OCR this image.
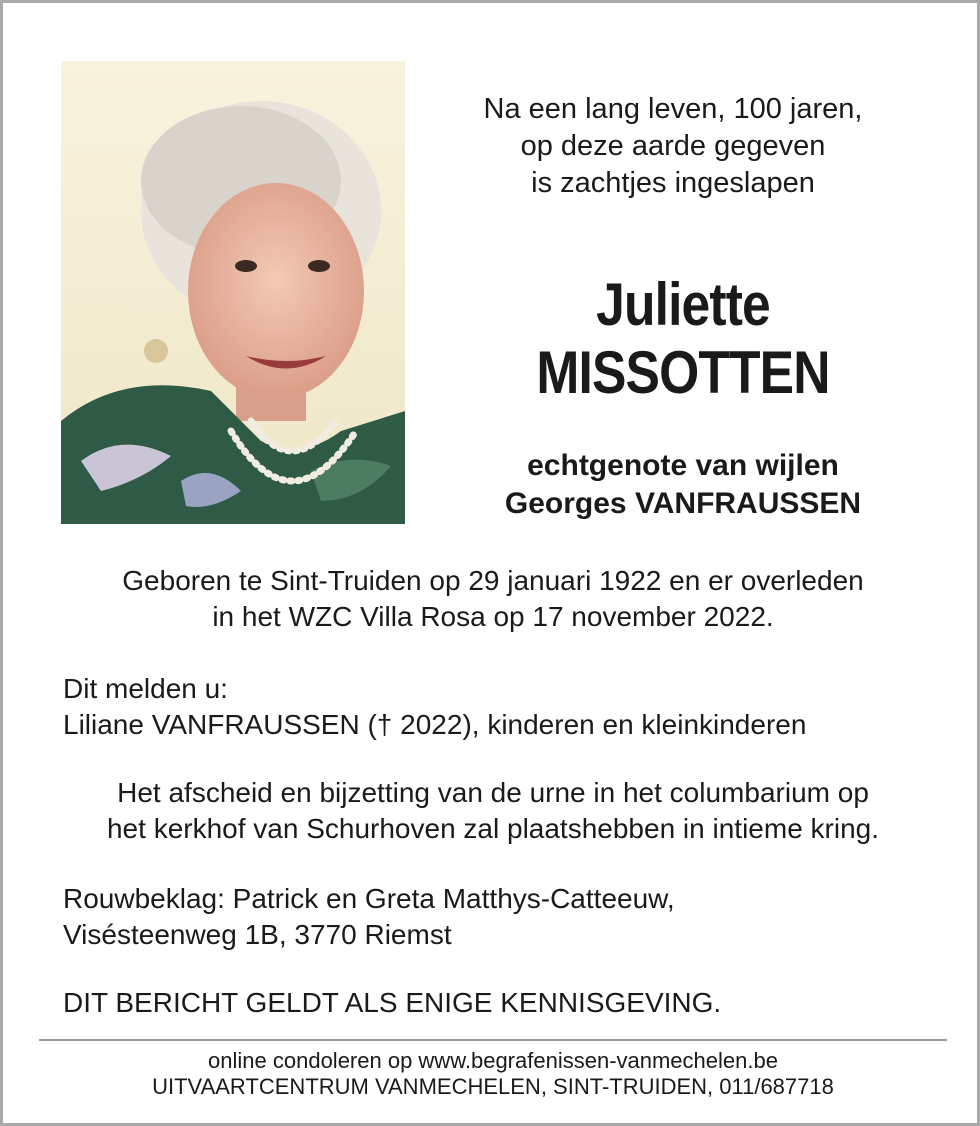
Na een lang leven, 100 jaren,
op deze aarde gegeven
is zachtjes ingeslapen
Juliette
MISSOTTEN
echtgenote van wijlen
Georges VANFRAUSSEN
Geboren te Sint-Truiden op 29 januari 1922 en er overleden
in het WZC Villa Rosa op 17 november 2022.
Dit melden u:
Liliane VANFRAUSSEN († 2022), kinderen en kleinkinderen
Het afscheid en bijzetting van de urne in het columbarium op
het kerkhof van Schurhoven zal plaatshebben in intieme kring.
Rouwbeklag: Patrick en Greta Matthys-Catteeuw,
Visésteenweg 1B, 3770 Riemst
DIT BERICHT GELDT ALS ENIGE KENNISGEVING.
online condoleren op www.begrafenissen-vanmechelen.be
UITVAARTCENTRUM VANMECHELEN, SINT-TRUIDEN, 011/687718
